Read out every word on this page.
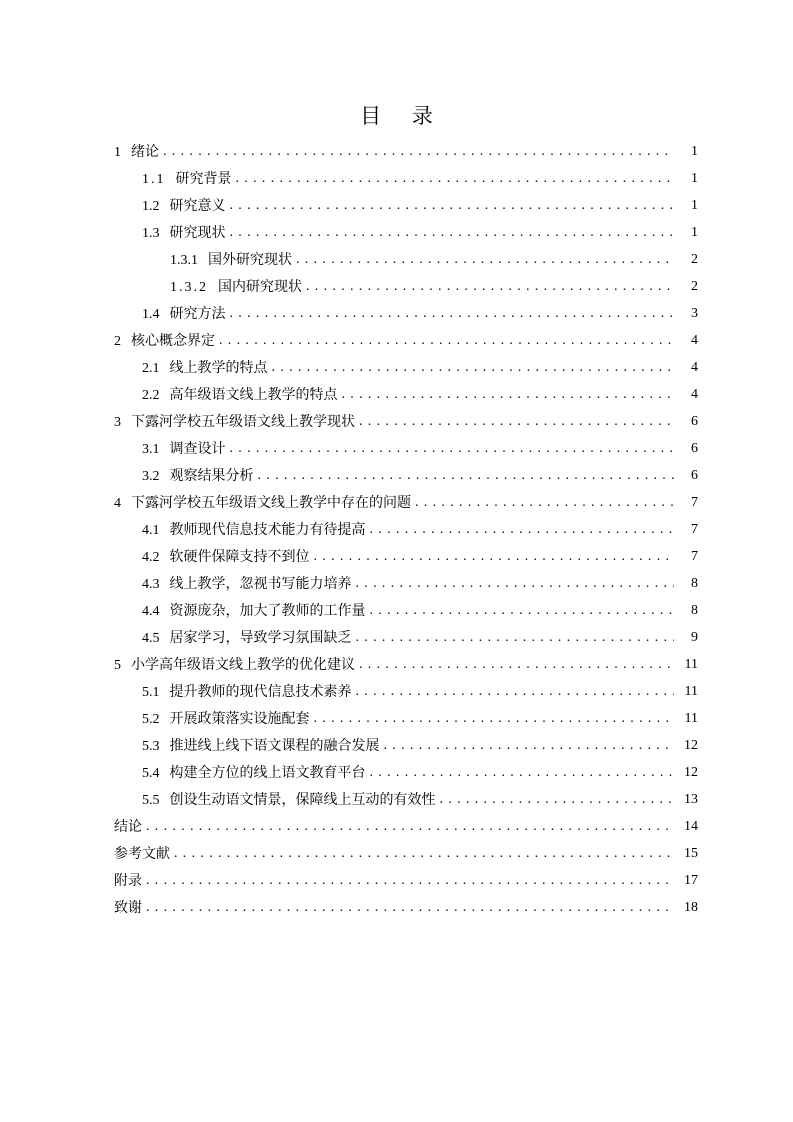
目 录
1 绪论 . . .	1
1.1 研究背景 . . .	1
1.2 研究意义 . . .	1
1.3 研究现状 . . .	1
1.3.1 国外研究现状 . . .	2
1.3.2 国内研究现状 . . .	2
1.4 研究方法 . . .	3
2 核心概念界定 . . .	4
2.1 线上教学的特点 . . .	4
2.2 高年级语文线上教学的特点 . . .	4
3 下露河学校五年级语文线上教学现状 . . .	6
3.1 调查设计 . . .	6
3.2 观察结果分析 . . .	6
4 下露河学校五年级语文线上教学中存在的问题 . . .	7
4.1 教师现代信息技术能力有待提高 . . .	7
4.2 软硬件保障支持不到位 . . .	7
4.3 线上教学，忽视书写能力培养 . . .	8
4.4 资源庞杂，加大了教师的工作量 . . .	8
4.5 居家学习，导致学习氛围缺乏 . . .	9
5 小学高年级语文线上教学的优化建议 . . .	11
5.1 提升教师的现代信息技术素养 . . .	11
5.2 开展政策落实设施配套 . . .	11
5.3 推进线上线下语文课程的融合发展 . . .	12
5.4 构建全方位的线上语文教育平台 . . .	12
5.5 创设生动语文情景，保障线上互动的有效性 . . .	13
结论 . . .	14
参考文献 . . .	15
附录 . . .	17
致谢 . . .	18
